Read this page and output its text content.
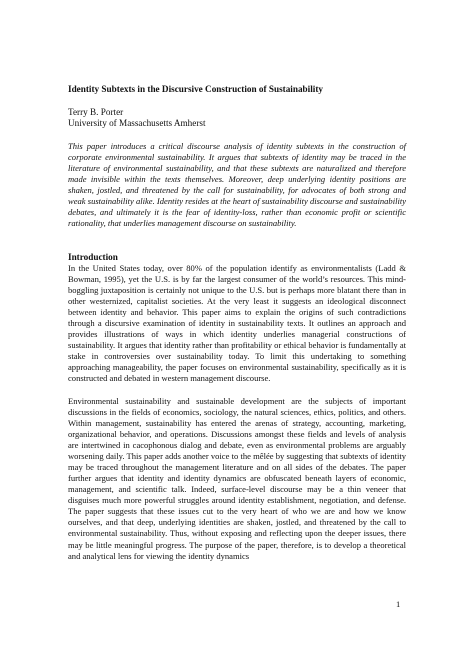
Identity Subtexts in the Discursive Construction of Sustainability
Terry B. Porter
University of Massachusetts Amherst
This paper introduces a critical discourse analysis of identity subtexts in the construction of corporate environmental sustainability. It argues that subtexts of identity may be traced in the literature of environmental sustainability, and that these subtexts are naturalized and therefore made invisible within the texts themselves. Moreover, deep underlying identity positions are shaken, jostled, and threatened by the call for sustainability, for advocates of both strong and weak sustainability alike. Identity resides at the heart of sustainability discourse and sustainability debates, and ultimately it is the fear of identity-loss, rather than economic profit or scientific rationality, that underlies management discourse on sustainability.
Introduction
In the United States today, over 80% of the population identify as environmentalists (Ladd & Bowman, 1995), yet the U.S. is by far the largest consumer of the world’s resources. This mind-boggling juxtaposition is certainly not unique to the U.S. but is perhaps more blatant there than in other westernized, capitalist societies. At the very least it suggests an ideological disconnect between identity and behavior. This paper aims to explain the origins of such contradictions through a discursive examination of identity in sustainability texts. It outlines an approach and provides illustrations of ways in which identity underlies managerial constructions of sustainability. It argues that identity rather than profitability or ethical behavior is fundamentally at stake in controversies over sustainability today. To limit this undertaking to something approaching manageability, the paper focuses on environmental sustainability, specifically as it is constructed and debated in western management discourse.
Environmental sustainability and sustainable development are the subjects of important discussions in the fields of economics, sociology, the natural sciences, ethics, politics, and others. Within management, sustainability has entered the arenas of strategy, accounting, marketing, organizational behavior, and operations. Discussions amongst these fields and levels of analysis are intertwined in cacophonous dialog and debate, even as environmental problems are arguably worsening daily. This paper adds another voice to the mêlée by suggesting that subtexts of identity may be traced throughout the management literature and on all sides of the debates. The paper further argues that identity and identity dynamics are obfuscated beneath layers of economic, management, and scientific talk. Indeed, surface-level discourse may be a thin veneer that disguises much more powerful struggles around identity establishment, negotiation, and defense. The paper suggests that these issues cut to the very heart of who we are and how we know ourselves, and that deep, underlying identities are shaken, jostled, and threatened by the call to environmental sustainability. Thus, without exposing and reflecting upon the deeper issues, there may be little meaningful progress. The purpose of the paper, therefore, is to develop a theoretical and analytical lens for viewing the identity dynamics
1
